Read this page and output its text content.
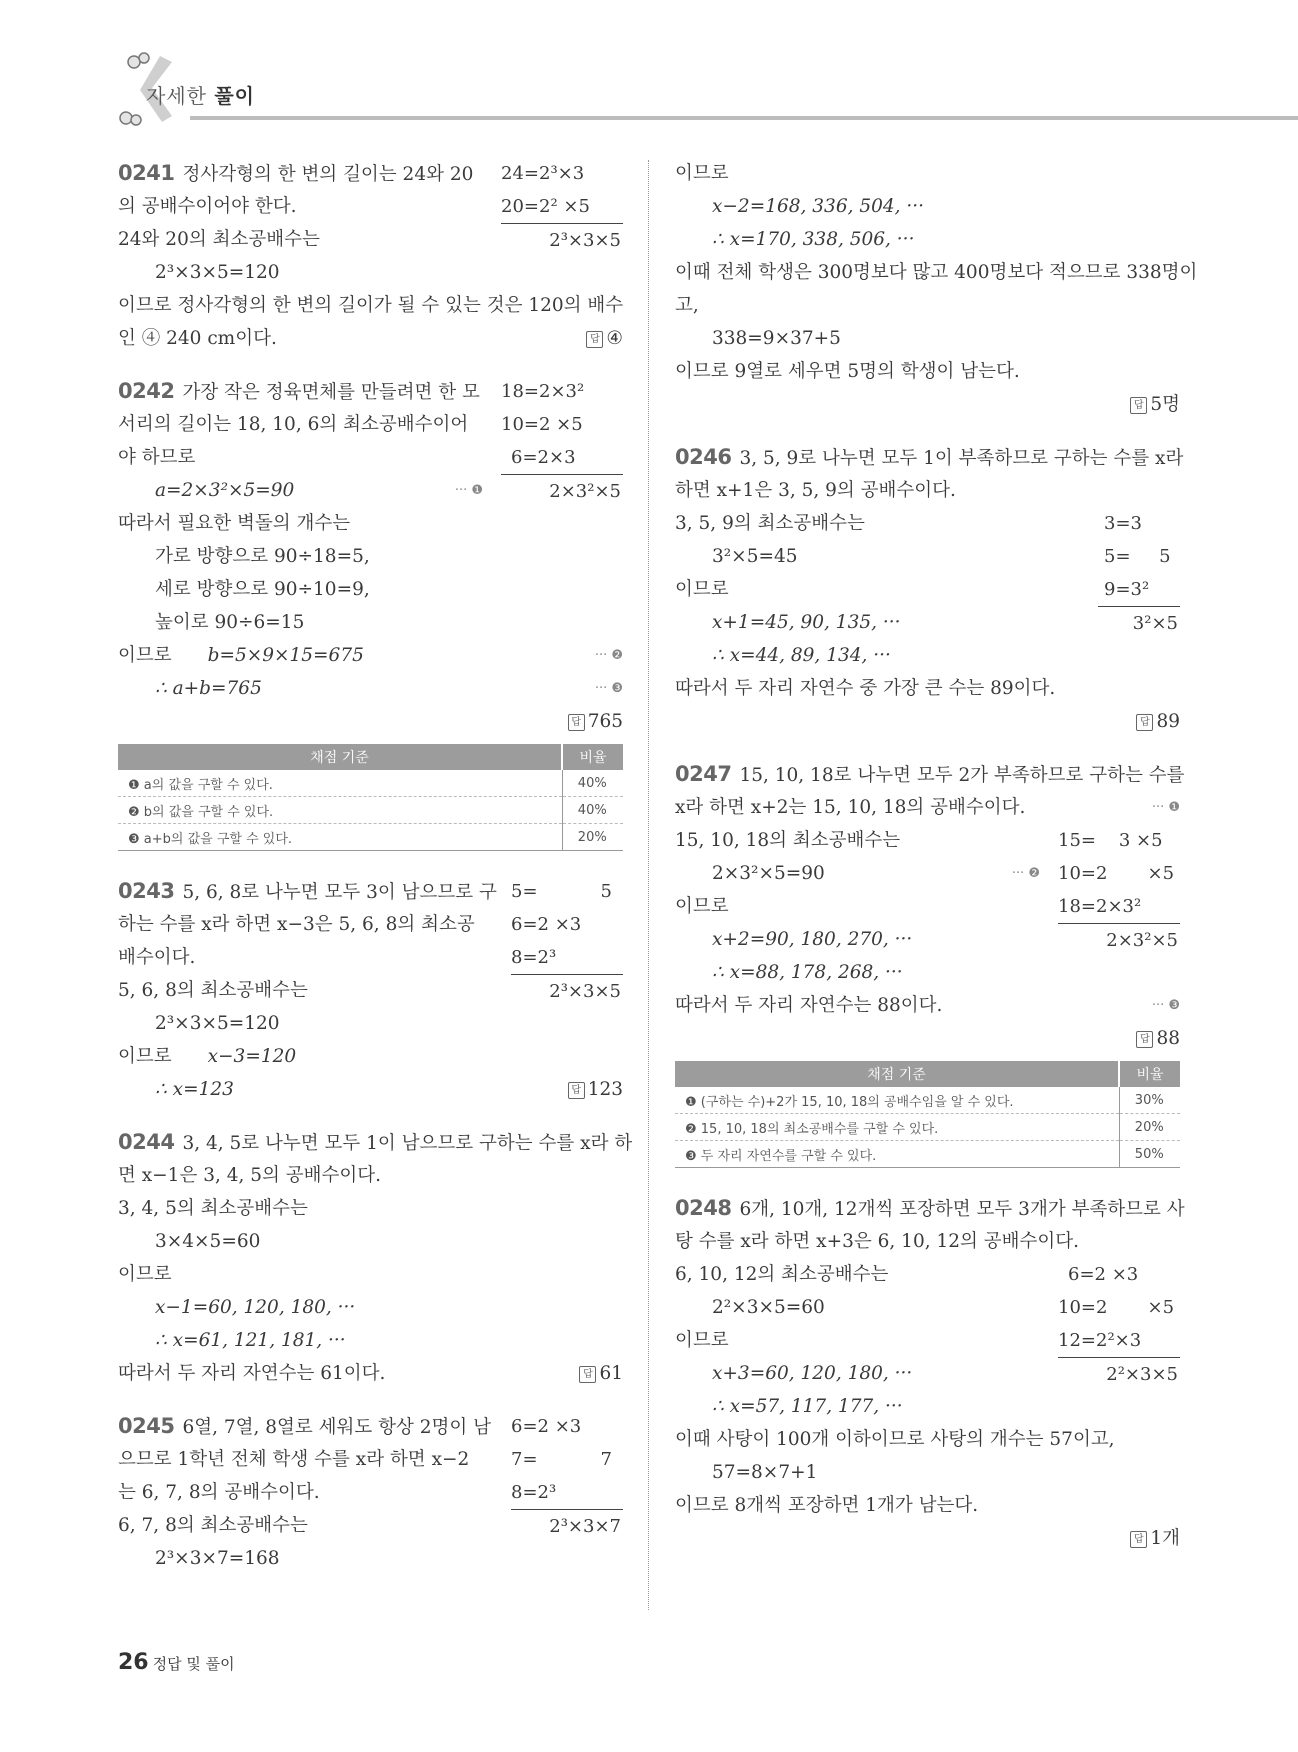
자세한 풀이
24=2³×3
20=2² ×5
2³×3×5
0241 정사각형의 한 변의 길이는 24와 20
의 공배수이어야 한다.
24와 20의 최소공배수는
2³×3×5=120
이므로 정사각형의 한 변의 길이가 될 수 있는 것은 120의 배수
인 ④ 240 cm이다.	답 ④
18=2×3²
10=2 ×5
6=2×3
2×3²×5
0242 가장 작은 정육면체를 만들려면 한 모
서리의 길이는 18, 10, 6의 최소공배수이어
야 하므로
a=2×3²×5=90	··· ❶
따라서 필요한 벽돌의 개수는
가로 방향으로 90÷18=5,
세로 방향으로 90÷10=9,
높이로 90÷6=15
이므로 b=5×9×15=675	··· ❷
∴ a+b=765	··· ❸
답 765
채점 기준	비율
❶ a의 값을 구할 수 있다.	40%
❷ b의 값을 구할 수 있다.	40%
❸ a+b의 값을 구할 수 있다.	20%
5=           5
6=2 ×3
8=2³
2³×3×5
0243 5, 6, 8로 나누면 모두 3이 남으므로 구
하는 수를 x라 하면 x−3은 5, 6, 8의 최소공
배수이다.
5, 6, 8의 최소공배수는
2³×3×5=120
이므로 x−3=120
∴ x=123	답 123
0244 3, 4, 5로 나누면 모두 1이 남으므로 구하는 수를 x라 하
면 x−1은 3, 4, 5의 공배수이다.
3, 4, 5의 최소공배수는
3×4×5=60
이므로
x−1=60, 120, 180, ···
∴ x=61, 121, 181, ···
따라서 두 자리 자연수는 61이다.	답 61
6=2 ×3
7=           7
8=2³
2³×3×7
0245 6열, 7열, 8열로 세워도 항상 2명이 남
으므로 1학년 전체 학생 수를 x라 하면 x−2
는 6, 7, 8의 공배수이다.
6, 7, 8의 최소공배수는
2³×3×7=168
이므로
x−2=168, 336, 504, ···
∴ x=170, 338, 506, ···
이때 전체 학생은 300명보다 많고 400명보다 적으므로 338명이
고,
338=9×37+5
이므로 9열로 세우면 5명의 학생이 남는다.
답 5명
3=3
5=     5
9=3²
3²×5
0246 3, 5, 9로 나누면 모두 1이 부족하므로 구하는 수를 x라
하면 x+1은 3, 5, 9의 공배수이다.
3, 5, 9의 최소공배수는
3²×5=45
이므로
x+1=45, 90, 135, ···
∴ x=44, 89, 134, ···
따라서 두 자리 자연수 중 가장 큰 수는 89이다.
답 89
15=    3 ×5
10=2       ×5
18=2×3²
2×3²×5
0247 15, 10, 18로 나누면 모두 2가 부족하므로 구하는 수를
x라 하면 x+2는 15, 10, 18의 공배수이다.	··· ❶
15, 10, 18의 최소공배수는
2×3²×5=90	··· ❷
이므로
x+2=90, 180, 270, ···
∴ x=88, 178, 268, ···
따라서 두 자리 자연수는 88이다.	··· ❸
답 88
채점 기준	비율
❶ (구하는 수)+2가 15, 10, 18의 공배수임을 알 수 있다.	30%
❷ 15, 10, 18의 최소공배수를 구할 수 있다.	20%
❸ 두 자리 자연수를 구할 수 있다.	50%
6=2 ×3
10=2       ×5
12=2²×3
2²×3×5
0248 6개, 10개, 12개씩 포장하면 모두 3개가 부족하므로 사
탕 수를 x라 하면 x+3은 6, 10, 12의 공배수이다.
6, 10, 12의 최소공배수는
2²×3×5=60
이므로
x+3=60, 120, 180, ···
∴ x=57, 117, 177, ···
이때 사탕이 100개 이하이므로 사탕의 개수는 57이고,
57=8×7+1
이므로 8개씩 포장하면 1개가 남는다.
답 1개
26 정답 및 풀이
